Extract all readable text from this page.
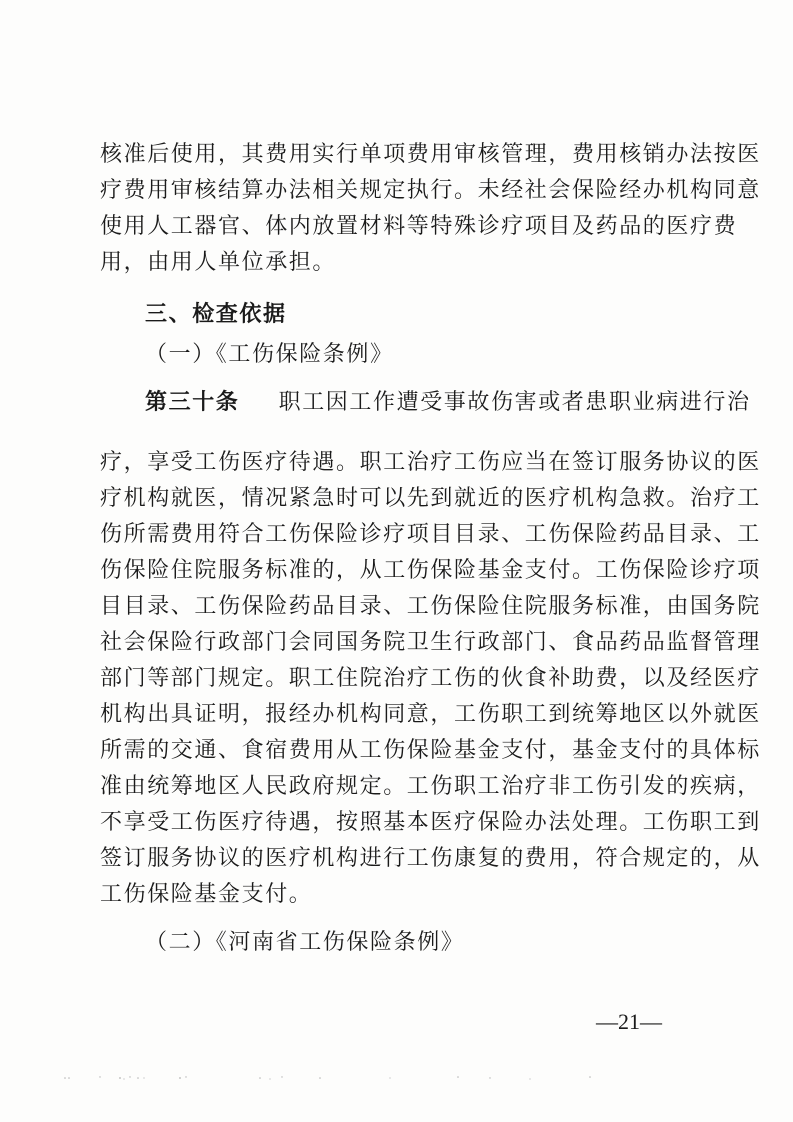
核准后使用，其费用实行单项费用审核管理，费用核销办法按医
疗费用审核结算办法相关规定执行。未经社会保险经办机构同意
使用人工器官、体内放置材料等特殊诊疗项目及药品的医疗费
用，由用人单位承担。
三、检查依据
（一）《工伤保险条例》
第三十条 职工因工作遭受事故伤害或者患职业病进行治
疗，享受工伤医疗待遇。职工治疗工伤应当在签订服务协议的医
疗机构就医，情况紧急时可以先到就近的医疗机构急救。治疗工
伤所需费用符合工伤保险诊疗项目目录、工伤保险药品目录、工
伤保险住院服务标准的，从工伤保险基金支付。工伤保险诊疗项
目目录、工伤保险药品目录、工伤保险住院服务标准，由国务院
社会保险行政部门会同国务院卫生行政部门、食品药品监督管理
部门等部门规定。职工住院治疗工伤的伙食补助费，以及经医疗
机构出具证明，报经办机构同意，工伤职工到统筹地区以外就医
所需的交通、食宿费用从工伤保险基金支付，基金支付的具体标
准由统筹地区人民政府规定。工伤职工治疗非工伤引发的疾病，
不享受工伤医疗待遇，按照基本医疗保险办法处理。工伤职工到
签订服务协议的医疗机构进行工伤康复的费用，符合规定的，从
工伤保险基金支付。
—21—
（二）《河南省工伤保险条例》
